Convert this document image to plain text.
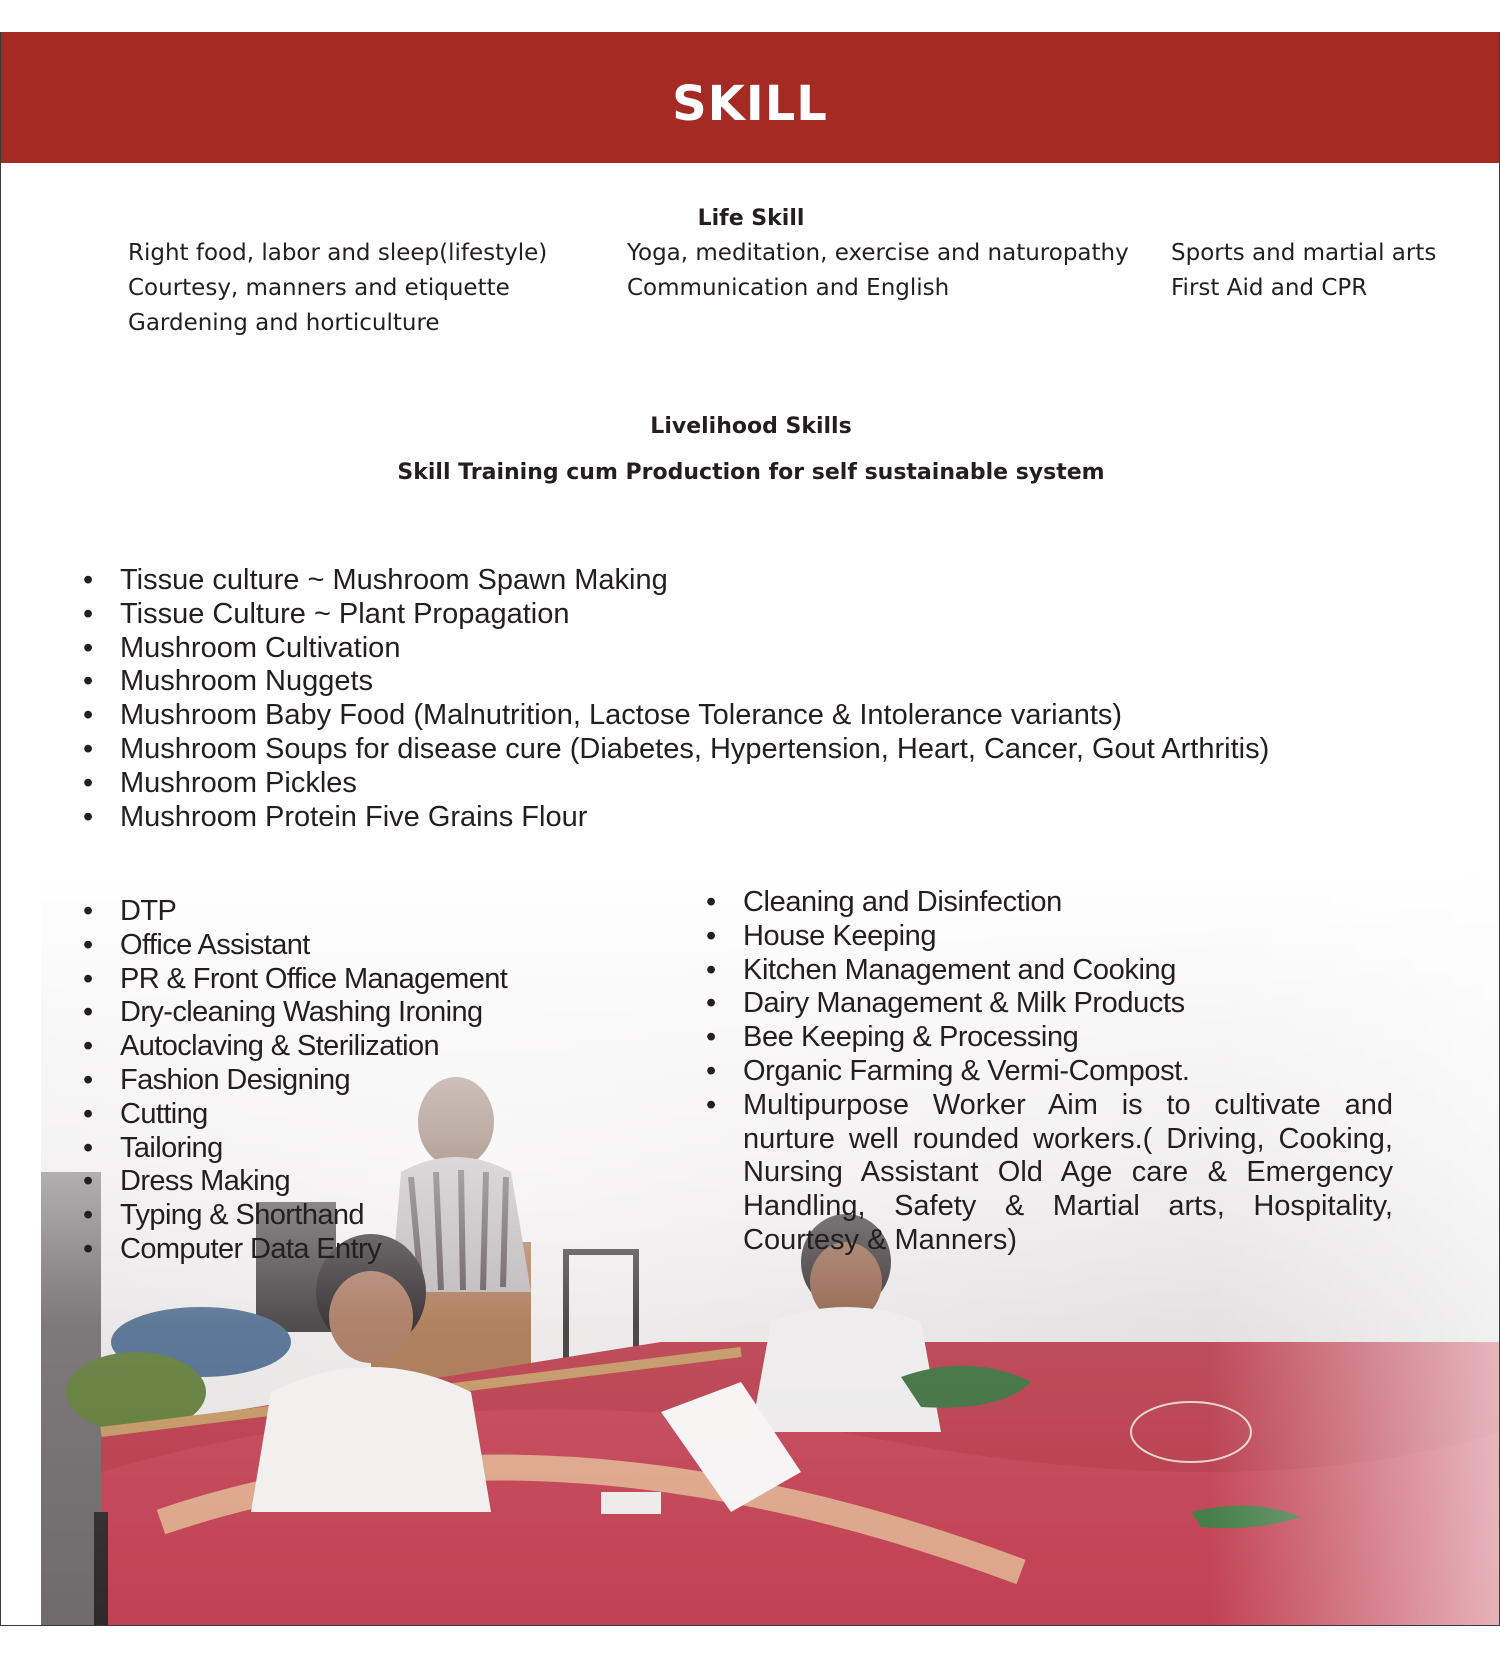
SKILL
Life Skill
Right food, labor and sleep(lifestyle)
Courtesy, manners and etiquette
Gardening and horticulture
Yoga, meditation, exercise and naturopathy
Communication and English
Sports and martial arts
First Aid and CPR
Livelihood Skills
Skill Training cum Production for self sustainable system
• Tissue culture ~ Mushroom Spawn Making
• Tissue Culture ~ Plant Propagation
• Mushroom Cultivation
• Mushroom Nuggets
• Mushroom Baby Food (Malnutrition, Lactose Tolerance & Intolerance variants)
• Mushroom Soups for disease cure (Diabetes, Hypertension, Heart, Cancer, Gout Arthritis)
• Mushroom Pickles
• Mushroom Protein Five Grains Flour
• DTP
• Office Assistant
• PR & Front Office Management
• Dry-cleaning Washing Ironing
• Autoclaving & Sterilization
• Fashion Designing
• Cutting
• Tailoring
• Dress Making
• Typing & Shorthand
• Computer Data Entry
• Cleaning and Disinfection
• House Keeping
• Kitchen Management and Cooking
• Dairy Management & Milk Products
• Bee Keeping & Processing
• Organic Farming & Vermi-Compost.
• Multipurpose Worker Aim is to cultivate and nurture well rounded workers.( Driving, Cooking, Nursing Assistant Old Age care & Emergency Handling, Safety & Martial arts, Hospitality, Courtesy & Manners)
